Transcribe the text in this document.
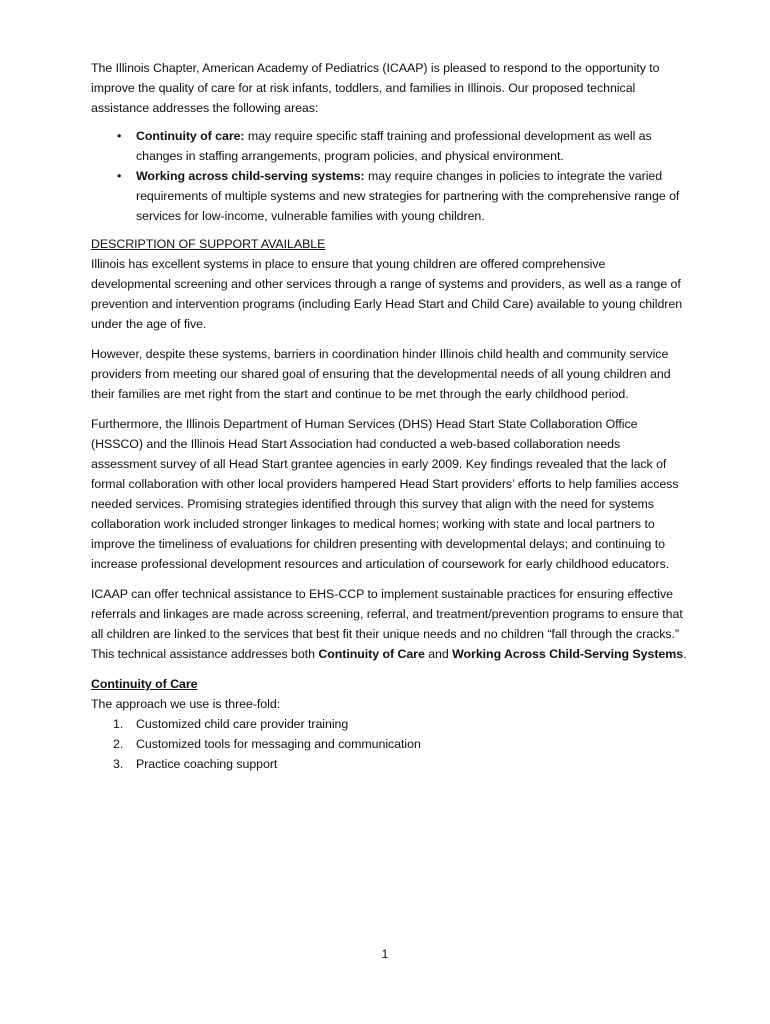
The Illinois Chapter, American Academy of Pediatrics (ICAAP) is pleased to respond to the opportunity to improve the quality of care for at risk infants, toddlers, and families in Illinois. Our proposed technical assistance addresses the following areas:

• Continuity of care: may require specific staff training and professional development as well as changes in staffing arrangements, program policies, and physical environment.
• Working across child-serving systems: may require changes in policies to integrate the varied requirements of multiple systems and new strategies for partnering with the comprehensive range of services for low-income, vulnerable families with young children.

DESCRIPTION OF SUPPORT AVAILABLE

Illinois has excellent systems in place to ensure that young children are offered comprehensive developmental screening and other services through a range of systems and providers, as well as a range of prevention and intervention programs (including Early Head Start and Child Care) available to young children under the age of five.

However, despite these systems, barriers in coordination hinder Illinois child health and community service providers from meeting our shared goal of ensuring that the developmental needs of all young children and their families are met right from the start and continue to be met through the early childhood period.

Furthermore, the Illinois Department of Human Services (DHS) Head Start State Collaboration Office (HSSCO) and the Illinois Head Start Association had conducted a web-based collaboration needs assessment survey of all Head Start grantee agencies in early 2009. Key findings revealed that the lack of formal collaboration with other local providers hampered Head Start providers’ efforts to help families access needed services. Promising strategies identified through this survey that align with the need for systems collaboration work included stronger linkages to medical homes; working with state and local partners to improve the timeliness of evaluations for children presenting with developmental delays; and continuing to increase professional development resources and articulation of coursework for early childhood educators.

ICAAP can offer technical assistance to EHS-CCP to implement sustainable practices for ensuring effective referrals and linkages are made across screening, referral, and treatment/prevention programs to ensure that all children are linked to the services that best fit their unique needs and no children “fall through the cracks.” This technical assistance addresses both Continuity of Care and Working Across Child-Serving Systems.

Continuity of Care

The approach we use is three-fold:

1. Customized child care provider training
2. Customized tools for messaging and communication
3. Practice coaching support
1
